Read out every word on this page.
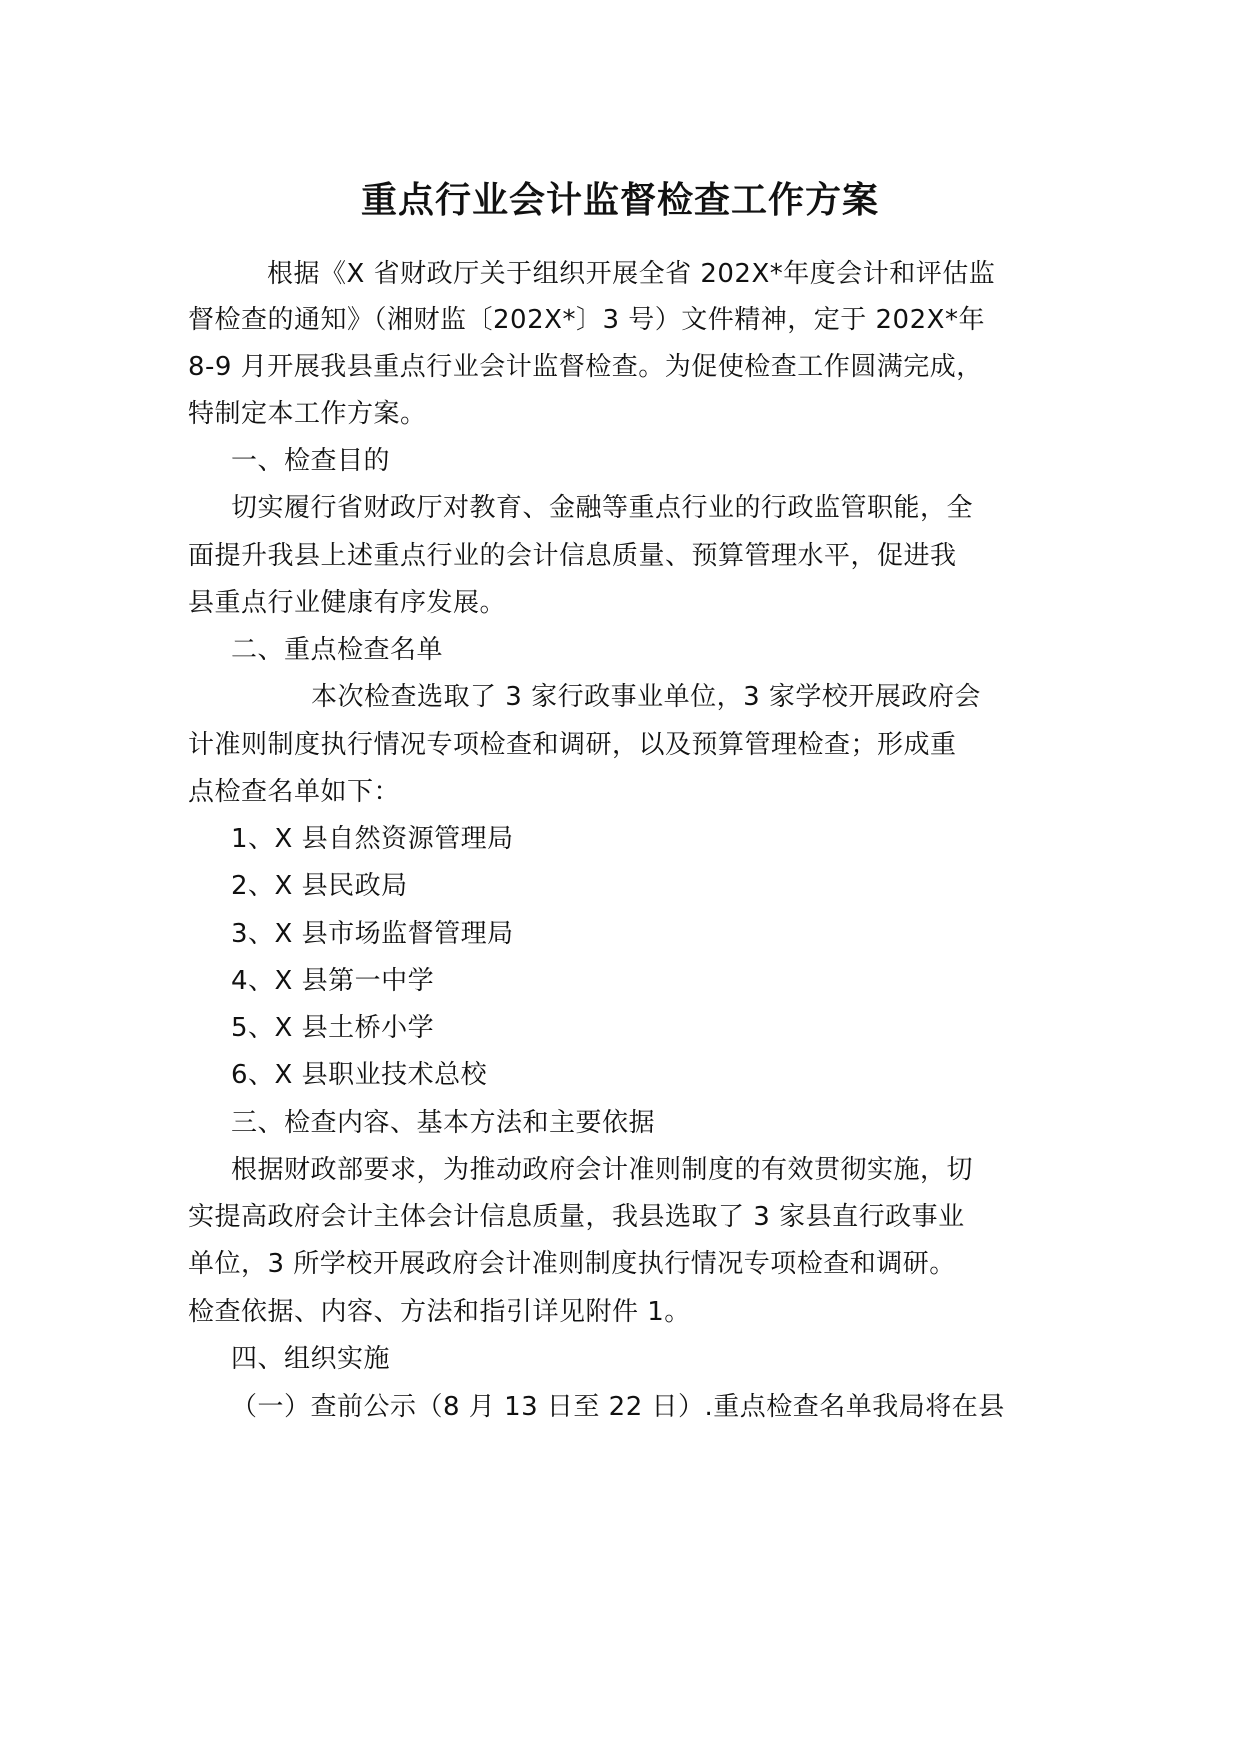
重点行业会计监督检查工作方案
根据《X 省财政厅关于组织开展全省 202X*年度会计和评估监
督检查的通知》（湘财监〔202X*〕3 号）文件精神，定于 202X*年
8-9 月开展我县重点行业会计监督检查。为促使检查工作圆满完成，
特制定本工作方案。
一、检查目的
切实履行省财政厅对教育、金融等重点行业的行政监管职能，全
面提升我县上述重点行业的会计信息质量、预算管理水平，促进我
县重点行业健康有序发展。
二、重点检查名单
本次检查选取了 3 家行政事业单位，3 家学校开展政府会
计准则制度执行情况专项检查和调研，以及预算管理检查；形成重
点检查名单如下：
1、X 县自然资源管理局
2、X 县民政局
3、X 县市场监督管理局
4、X 县第一中学
5、X 县土桥小学
6、X 县职业技术总校
三、检查内容、基本方法和主要依据
根据财政部要求，为推动政府会计准则制度的有效贯彻实施，切
实提高政府会计主体会计信息质量，我县选取了 3 家县直行政事业
单位，3 所学校开展政府会计准则制度执行情况专项检查和调研。
检查依据、内容、方法和指引详见附件 1。
四、组织实施
（一）查前公示（8 月 13 日至 22 日）.重点检查名单我局将在县
